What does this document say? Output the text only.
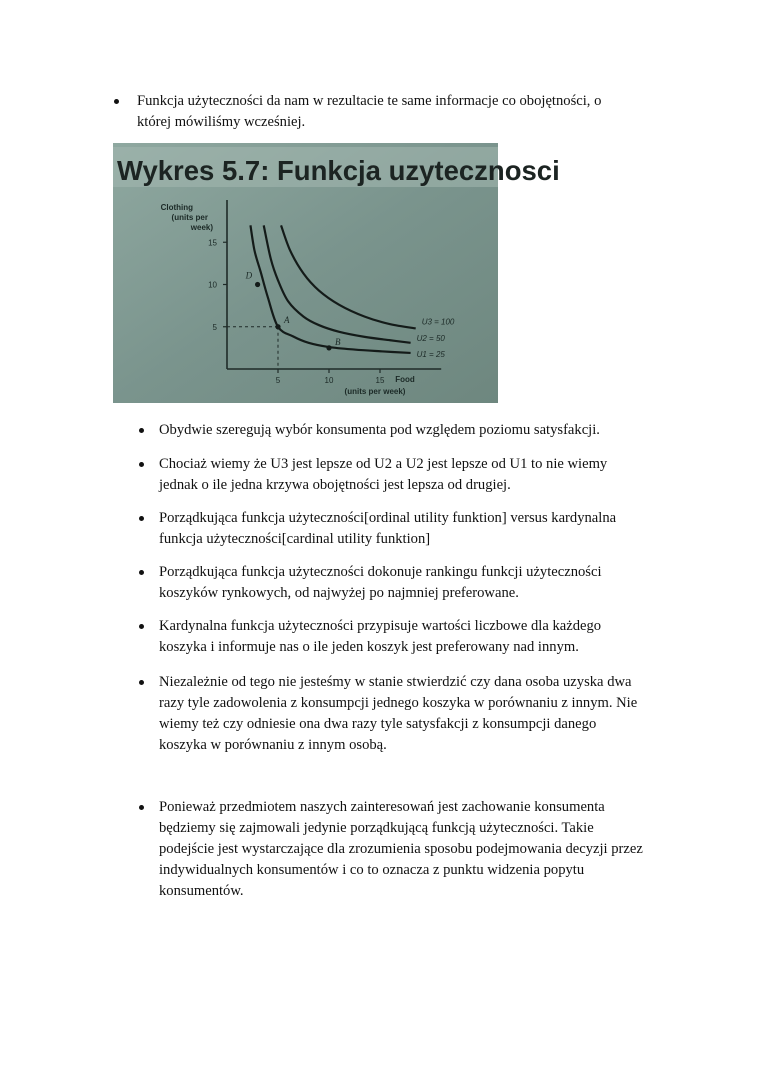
Funkcja użyteczności da nam w rezultacie te same informacje co obojętności, o
której mówiliśmy wcześniej.
Wykres 5.7: Funkcja uzytecznosci
Clothing
(units per
week)
Food
(units per week)
5	10	15
5
10
15
U1 = 25
U2 = 50
U3 = 100
D
A
B
Obydwie szeregują wybór konsumenta pod względem poziomu satysfakcji.
Chociaż wiemy że U3 jest lepsze od U2 a U2 jest lepsze od U1 to nie wiemy
jednak o ile jedna krzywa obojętności jest lepsza od drugiej.
Porządkująca funkcja użyteczności[ordinal utility funktion] versus kardynalna
funkcja użyteczności[cardinal utility funktion]
Porządkująca funkcja użyteczności dokonuje rankingu funkcji użyteczności
koszyków rynkowych, od najwyżej po najmniej preferowane.
Kardynalna funkcja użyteczności przypisuje wartości liczbowe dla każdego
koszyka i informuje nas o ile jeden koszyk jest preferowany nad innym.
Niezależnie od tego nie jesteśmy w stanie stwierdzić czy dana osoba uzyska dwa
razy tyle zadowolenia z konsumpcji jednego koszyka w porównaniu z innym. Nie
wiemy też czy odniesie ona dwa razy tyle satysfakcji z konsumpcji danego
koszyka w porównaniu z innym osobą.
Ponieważ przedmiotem naszych zainteresowań jest zachowanie konsumenta
będziemy się zajmowali jedynie porządkującą funkcją użyteczności. Takie
podejście jest wystarczające dla zrozumienia sposobu podejmowania decyzji przez
indywidualnych konsumentów i co to oznacza z punktu widzenia popytu
konsumentów.
